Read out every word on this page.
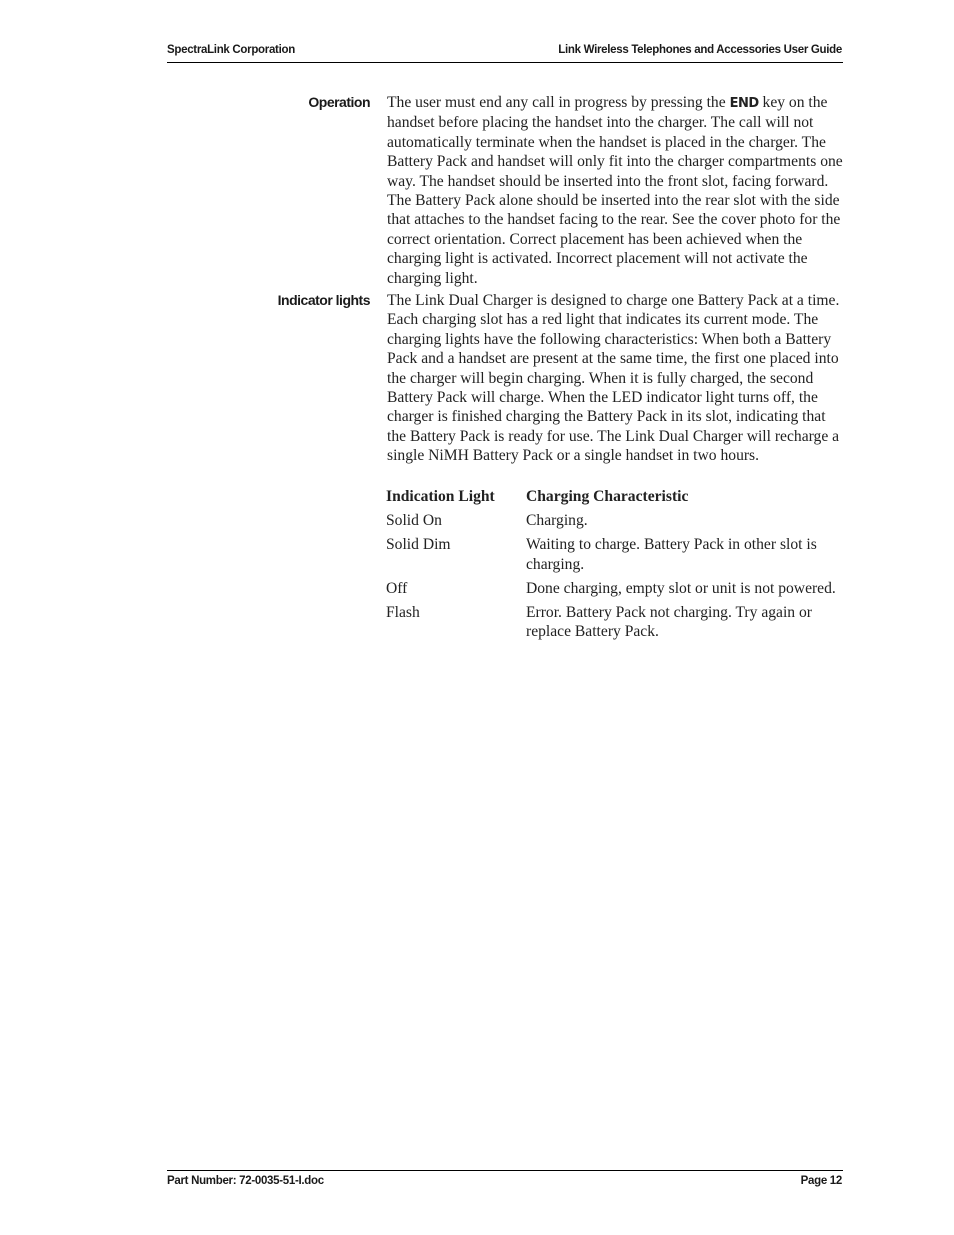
SpectraLink Corporation	Link Wireless Telephones and Accessories User Guide
Operation The user must end any call in progress by pressing the END key on the handset before placing the handset into the charger. The call will not automatically terminate when the handset is placed in the charger. The Battery Pack and handset will only fit into the charger compartments one way. The handset should be inserted into the front slot, facing forward. The Battery Pack alone should be inserted into the rear slot with the side that attaches to the handset facing to the rear. See the cover photo for the correct orientation. Correct placement has been achieved when the charging light is activated. Incorrect placement will not activate the charging light.
Indicator lights The Link Dual Charger is designed to charge one Battery Pack at a time. Each charging slot has a red light that indicates its current mode. The charging lights have the following characteristics: When both a Battery Pack and a handset are present at the same time, the first one placed into the charger will begin charging. When it is fully charged, the second Battery Pack will charge. When the LED indicator light turns off, the charger is finished charging the Battery Pack in its slot, indicating that the Battery Pack is ready for use. The Link Dual Charger will recharge a single NiMH Battery Pack or a single handset in two hours.
Indication Light	Charging Characteristic
Solid On	Charging.
Solid Dim	Waiting to charge. Battery Pack in other slot is charging.
Off	Done charging, empty slot or unit is not powered.
Flash	Error. Battery Pack not charging. Try again or replace Battery Pack.
Part Number: 72-0035-51-I.doc	Page 12
